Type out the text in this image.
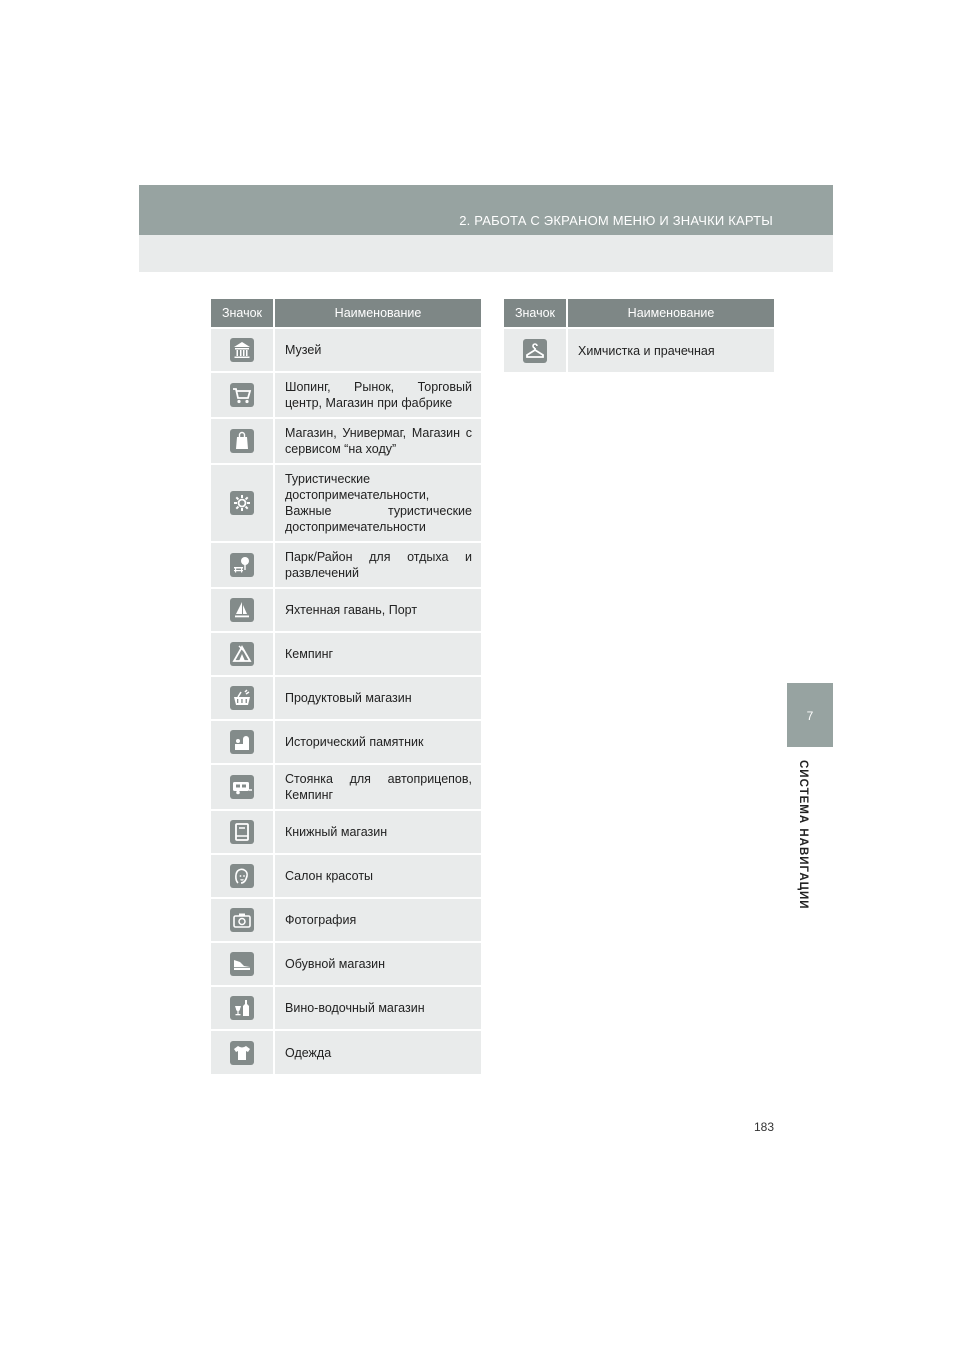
2. РАБОТА С ЭКРАНОМ МЕНЮ И ЗНАЧКИ КАРТЫ
7
СИСТЕМА НАВИГАЦИИ
Значок	Наименование

	Музей

	Шопинг, Рынок, Торговый центр, Магазин при фабрике

	Магазин, Универмаг, Магазин с сервисом “на ходу”

	Туристические достопримечательности, Важные туристические достопримечательности

	Парк/Район для отдыха и развлечений

	Яхтенная гавань, Порт

	Кемпинг

	Продуктовый магазин

	Исторический памятник

	Стоянка для автоприцепов, Кемпинг

	Книжный магазин

	Салон красоты

	Фотография

	Обувной магазин

	Вино-водочный магазин

	Одежда
Значок	Наименование

	Химчистка и прачечная
183
